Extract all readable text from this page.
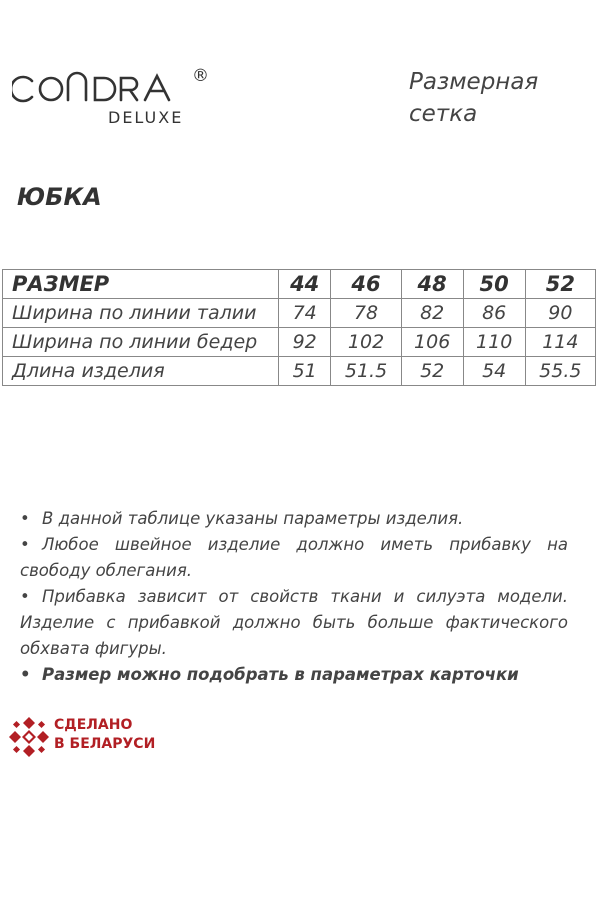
®
DELUXE
Размерная
сетка
ЮБКА
РАЗМЕР	44	46	48	50	52
Ширина по линии талии	74	78	82	86	90
Ширина по линии бедер	92	102	106	110	114
Длина изделия	51	51.5	52	54	55.5
• В данной таблице указаны параметры изделия.
• Любое швейное изделие должно иметь прибавку на свободу облегания.
• Прибавка зависит от свойств ткани и силуэта модели. Изделие с прибавкой должно быть больше фактического обхвата фигуры.
• Размер можно подобрать в параметрах карточки
СДЕЛАНО
В БЕЛАРУСИ
